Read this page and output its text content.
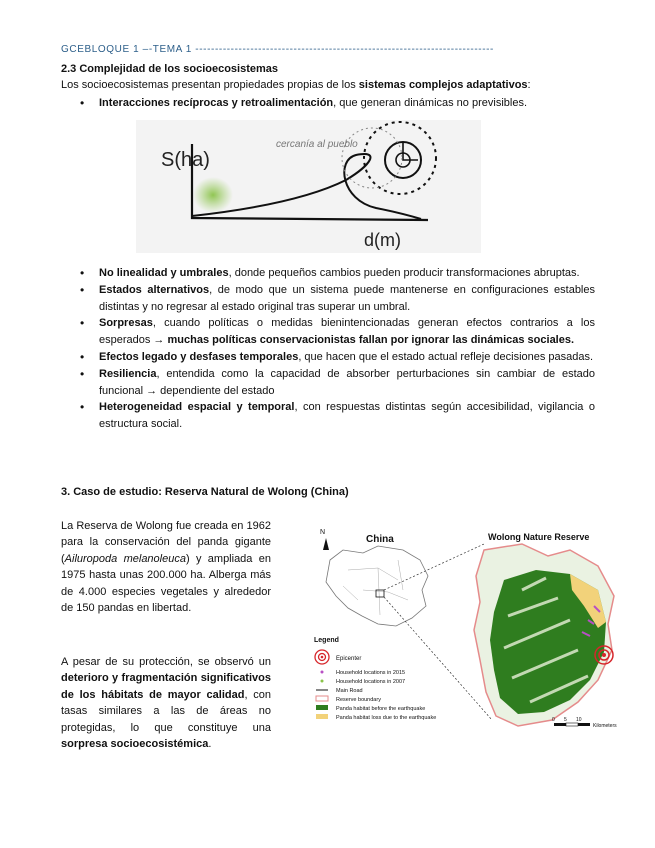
GCEBLOQUE 1 –-TEMA 1 ----------------------------------------------------------------------------
2.3 Complejidad de los socioecosistemas
Los socioecosistemas presentan propiedades propias de los sistemas complejos adaptativos:
• Interacciones recíprocas y retroalimentación, que generan dinámicas no previsibles.
S(ha)
cercanía al pueblo
d(m)
• No linealidad y umbrales, donde pequeños cambios pueden producir transformaciones abruptas.
• Estados alternativos, de modo que un sistema puede mantenerse en configuraciones estables distintas y no regresar al estado original tras superar un umbral.
• Sorpresas, cuando políticas o medidas bienintencionadas generan efectos contrarios a los esperados → muchas políticas conservacionistas fallan por ignorar las dinámicas sociales.
• Efectos legado y desfases temporales, que hacen que el estado actual refleje decisiones pasadas.
• Resiliencia, entendida como la capacidad de absorber perturbaciones sin cambiar de estado funcional → dependiente del estado
• Heterogeneidad espacial y temporal, con respuestas distintas según accesibilidad, vigilancia o estructura social.
3. Caso de estudio: Reserva Natural de Wolong (China)
La Reserva de Wolong fue creada en 1962 para la conservación del panda gigante (Ailuropoda melanoleuca) y ampliada en 1975 hasta unas 200.000 ha. Alberga más de 4.000 especies vegetales y alrededor de 150 pandas en libertad.
A pesar de su protección, se observó un deterioro y fragmentación significativos de los hábitats de mayor calidad, con tasas similares a las de áreas no protegidas, lo que constituye una sorpresa socioecosistémica.
N
China	Wolong Nature Reserve
Legend
Epicenter
Household locations in 2015
Household locations in 2007
Main Road
Reserve boundary
Panda habitat before the earthquake
Panda habitat loss due to the earthquake	0 5 10
Kilometers
